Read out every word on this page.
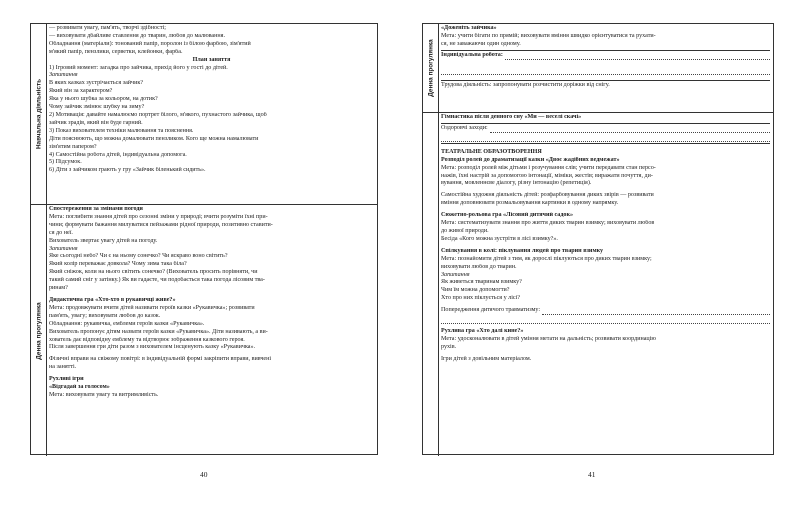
Навчальна діяльність
— розвивати увагу, пам'ять, творчі здібності;
— виховувати дбайливе ставлення до тварин, любов до малювання.
Обладнання (матеріали): тонований папір, поролон із білою фарбою, зім'ятий
м'який папір, пензлики, серветки, клейонки, фарба.
План заняття
1) Ігровий момент: загадка про зайчика, прихід його у гості до дітей.
Запитання
В яких казках зустрічається зайчик?
Який він за характером?
Яка у нього шубка за кольором, на дотик?
Чому зайчик змінює шубку на зиму?
2) Мотивація: давайте намалюємо портрет білого, м'якого, пухнастого зайчика, щоб
зайчик зрадів, який він буде гарний.
3) Показ вихователем техніки малювання та пояснення.
Діти пояснюють, що можна домалювати пензликом. Кого ще можна намалювати
зім'ятим папером?
4) Самостійна робота дітей, індивідуальна допомога.
5) Підсумок.
6) Діти з зайчиком грають у гру «Зайчик біленький сидить».
Денна прогулянка
Спостереження за змінами погоди
Мета: поглибити знання дітей про сезонні зміни у природі; вчити розуміти їхні при-
чини; формувати бажання милуватися пейзажами рідної природи, позитивно ставити-
ся до неї.
Вихователь звертає увагу дітей на погоду.
Запитання
Яке сьогодні небо? Чи є на ньому сонечко? Чи яскраво воно світить?
Який колір переважає довкола? Чому зима така біла?
Який сніжок, коли на нього світить сонечко? (Вихователь просить порівняти, чи
такий самий сніг у затінку.) Як ви гадаєте, чи подобається така погода лісовим тва-
ринам?
Дидактична гра «Хто-хто в рукавичці живе?»
Мета: продовжувати вчити дітей називати героїв казки «Рукавичка»; розвивати
пам'ять, увагу; виховувати любов до казок.
Обладнання: рукавичка, емблеми героїв казки «Рукавичка».
Вихователь пропонує дітям назвати героїв казки «Рукавичка». Діти називають, а ви-
хователь дає відповідну емблему та відтворює зображення казкового героя.
Після завершення гри діти разом з вихователем інсценують казку «Рукавичка».
Фізичні вправи на свіжому повітрі: в індивідуальній формі закріпити вправи, вивчені
на занятті.
Рухливі ігри
«Відгадай за голосом»
Мета: виховувати увагу та витримливість.
40
Денна прогулянка
«Доженіть зайчика»
Мета: учити бігати по прямій; виховувати вміння швидко орієнтуватися та рухати-
ся, не заважаючи один одному.
Індивідуальна робота:
Трудова діяльність: запропонувати розчистити доріжки від снігу.
Гімнастика після денного сну «Ми — веселі скачі»
Оздоровчі заходи:
ТЕАТРАЛЬНЕ ОБРАЗОТВОРЕННЯ
Розподіл ролей до драматизації казки «Двоє жадібних ведмежат»
Мета: розподіл ролей між дітьми і розучування слів; учити передавати стан персо-
нажів, їхні настрій за допомогою інтонації, міміки, жестів; виражати почуття, ди-
вування, мовленнєве діалогу, різну інтонацію (репетиція).
Самостійна художня діяльність дітей: розфарбовування диких звірів — розвивати
вміння доповнювати розмальовування картинки в одному напрямку.
Сюжетно-рольова гра «Лісовий дитячий садок»
Мета: систематизувати знання про життя диких тварин взимку; виховувати любов
до живої природи.
Бесіда «Кого можна зустріти в лісі взимку?».
Спілкування в колі: піклування людей про тварин взимку
Мета: познайомити дітей з тим, як дорослі піклуються про диких тварин взимку;
виховувати любов до тварин.
Запитання
Як живеться тваринам взимку?
Чим їм можна допомогти?
Хто про них піклується у лісі?
Попередження дитячого травматизму:
Рухлива гра «Хто далі кине?»
Мета: удосконалювати в дітей уміння метати на дальність; розвивати координацію
рухів.
Ігри дітей з довільним матеріалом.
41
